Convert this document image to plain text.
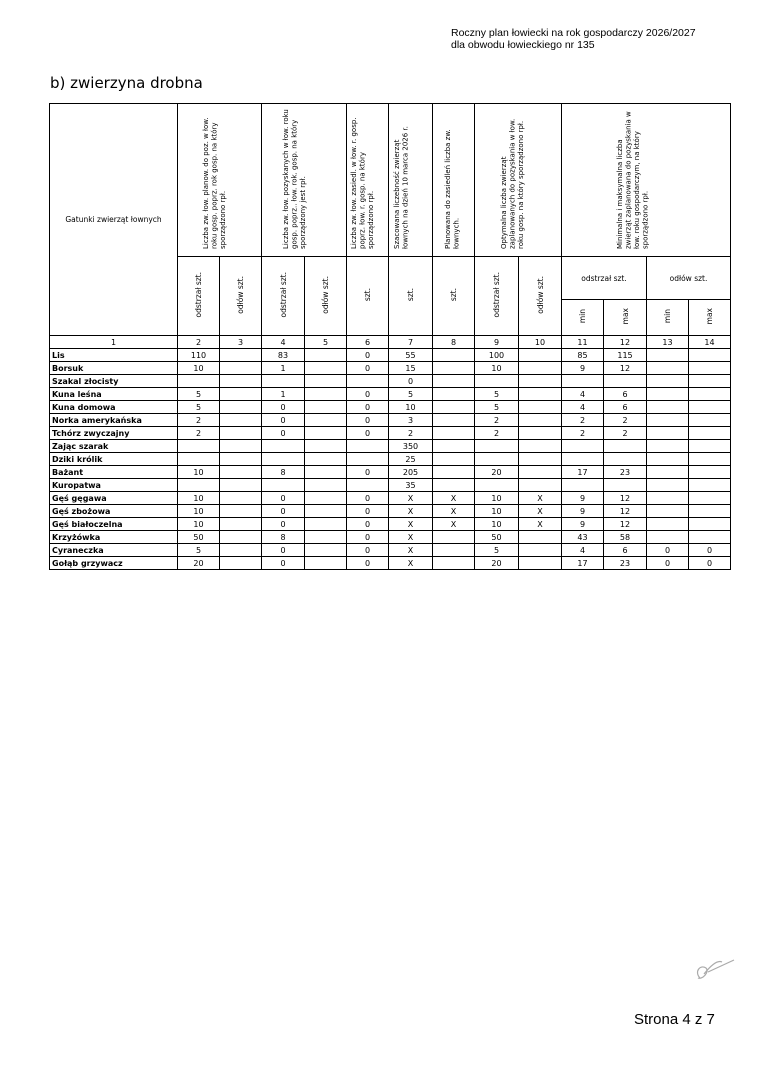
Roczny plan łowiecki na rok gospodarczy 2026/2027
dla obwodu łowieckiego nr 135
b) zwierzyna drobna
Gatunki zwierząt łownych	Liczba zw. łow. planow. do poz. w łow. roku gosp. poprz. rok gosp. na który sporządzono rpł.		Liczba zw. łow. pozyskanych w łow. roku gosp. poprz.. łow. rok. gosp. na który sporządzony jest rpł.		Liczba zw. łow. zasiedl. w łow. r. gosp. poprz. łow. r. gosp. na który sporządzono rpł.	Szacowana liczebność zwierząt łownych na dzień 10 marca 2026 r.	Planowana do zasiedleń liczba zw. łownych.	Optymalna liczba zwierząt zaplanowanych do pozyskania w łow. roku gosp. na który sporządzono rpł.		Minimalna i maksymalna liczba zwierząt zaplanowana do pozyskania w łow. roku gospodarczym, na który sporządzono rpł.			
	odstrzał szt.	odłów szt.	odstrzał szt.	odłów szt.	szt.	szt.	szt.	odstrzał szt.	odłów szt.	odstrzał szt.		odłów szt.	
										min	max	min	max
1	2	3	4	5	6	7	8	9	10	11	12	13	14
Lis	110		83		0	55		100		85	115		
Borsuk	10		1		0	15		10		9	12		
Szakal złocisty						0							
Kuna leśna	5		1		0	5		5		4	6		
Kuna domowa	5		0		0	10		5		4	6		
Norka amerykańska	2		0		0	3		2		2	2		
Tchórz zwyczajny	2		0		0	2		2		2	2		
Zając szarak						350							
Dziki królik						25							
Bażant	10		8		0	205		20		17	23		
Kuropatwa						35							
Gęś gęgawa	10		0		0	X	X	10	X	9	12		
Gęś zbożowa	10		0		0	X	X	10	X	9	12		
Gęś białoczelna	10		0		0	X	X	10	X	9	12		
Krzyżówka	50		8		0	X		50		43	58		
Cyraneczka	5		0		0	X		5		4	6	0	0
Gołąb grzywacz	20		0		0	X		20		17	23	0	0
Strona 4 z 7
